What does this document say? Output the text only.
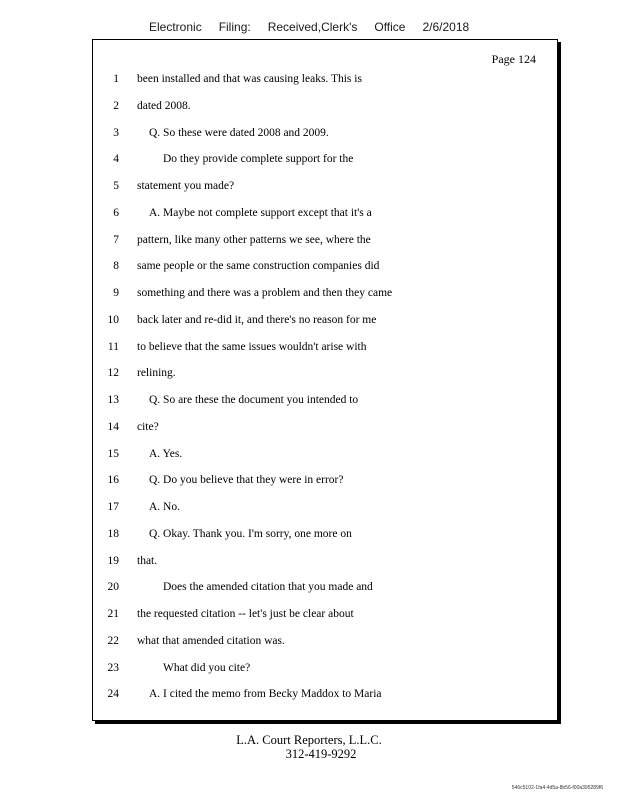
Electronic Filing: Received,Clerk's Office 2/6/2018
Page 124
1 been installed and that was causing leaks. This is
2 dated 2008.
3	Q. So these were dated 2008 and 2009.
4	Do they provide complete support for the
5 statement you made?
6	A. Maybe not complete support except that it's a
7 pattern, like many other patterns we see, where the
8 same people or the same construction companies did
9 something and there was a problem and then they came
10 back later and re-did it, and there's no reason for me
11 to believe that the same issues wouldn't arise with
12 relining.
13	Q. So are these the document you intended to
14 cite?
15	A. Yes.
16	Q. Do you believe that they were in error?
17	A. No.
18	Q. Okay. Thank you. I'm sorry, one more on
19 that.
20	Does the amended citation that you made and
21 the requested citation -- let's just be clear about
22 what that amended citation was.
23	What did you cite?
24	A. I cited the memo from Becky Maddox to Maria
L.A. Court Reporters, L.L.C.
312-419-9292
546c5102-1fa4-4d5a-8b56-f00a395289f6
